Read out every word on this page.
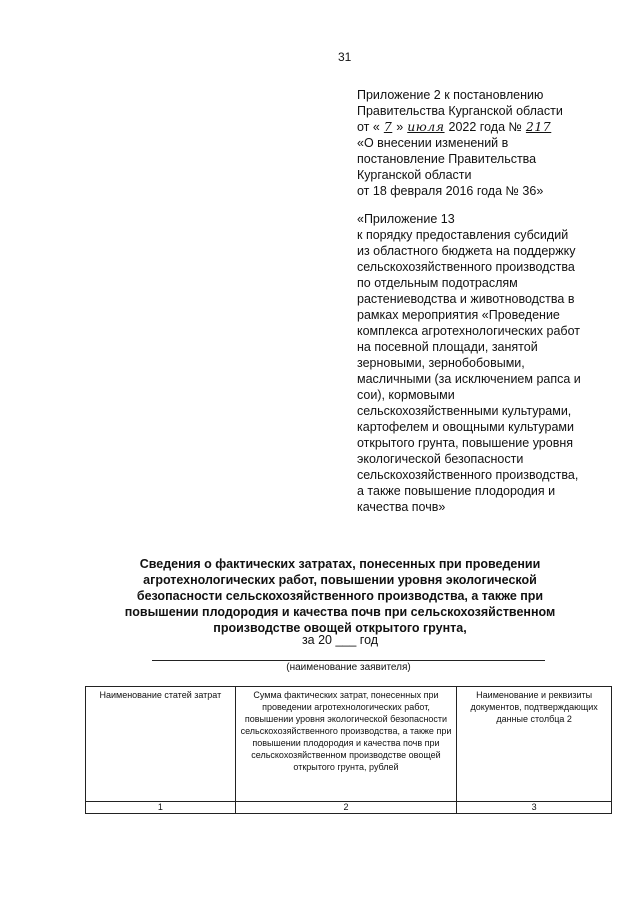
31
Приложение 2 к постановлению
Правительства Курганской области
от « 7 » июля 2022 года № 217
«О внесении изменений в
постановление Правительства
Курганской области
от 18 февраля 2016 года № 36»
«Приложение 13
к порядку предоставления субсидий
из областного бюджета на поддержку
сельскохозяйственного производства
по отдельным подотраслям
растениеводства и животноводства в
рамках мероприятия «Проведение
комплекса агротехнологических работ
на посевной площади, занятой
зерновыми, зернобобовыми,
масличными (за исключением рапса и
сои), кормовыми
сельскохозяйственными культурами,
картофелем и овощными культурами
открытого грунта, повышение уровня
экологической безопасности
сельскохозяйственного производства,
а также повышение плодородия и
качества почв»
Сведения о фактических затратах, понесенных при проведении
агротехнологических работ, повышении уровня экологической
безопасности сельскохозяйственного производства, а также при
повышении плодородия и качества почв при сельскохозяйственном
производстве овощей открытого грунта,
за 20 ___ год
(наименование заявителя)
Наименование статей затрат	Сумма фактических затрат, понесенных при проведении агротехнологических работ, повышении уровня экологической безопасности сельскохозяйственного производства, а также при повышении плодородия и качества почв при сельскохозяйственном производстве овощей открытого грунта, рублей	Наименование и реквизиты документов, подтверждающих данные столбца 2
1	2	3
